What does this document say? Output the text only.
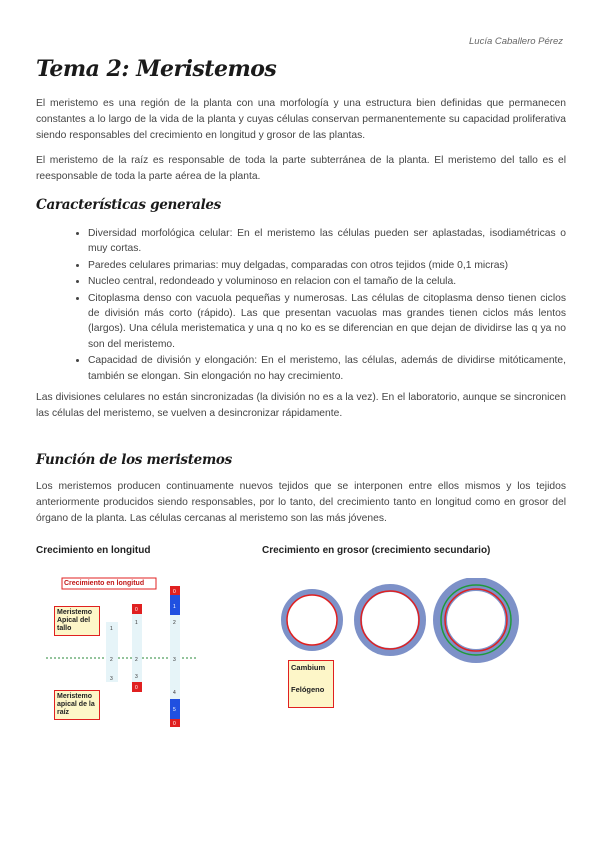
Lucía Caballero Pérez
Tema 2: Meristemos

El meristemo es una región de la planta con una morfología y una estructura bien definidas que permanecen constantes a lo largo de la vida de la planta y cuyas células conservan permanentemente su capacidad proliferativa siendo responsables del crecimiento en longitud y grosor de las plantas.

El meristemo de la raíz es responsable de toda la parte subterránea de la planta. El meristemo del tallo es el reesponsable de toda la parte aérea de la planta.

Características generales
• Diversidad morfológica celular: En el meristemo las células pueden ser aplastadas, isodiamétricas o muy cortas.
• Paredes celulares primarias: muy delgadas, comparadas con otros tejidos (mide 0,1 micras)
• Nucleo central, redondeado y voluminoso en relacion con el tamaño de la celula.
• Citoplasma denso con vacuola pequeñas y numerosas. Las células de citoplasma denso tienen ciclos de división más corto (rápido). Las que presentan vacuolas mas grandes tienen ciclos más lentos (largos). Una célula meristematica y una q no ko es se diferencian en que dejan de dividirse las q ya no son del meristemo.
• Capacidad de división y elongación: En el meristemo, las células, además de dividirse mitóticamente, también se elongan. Sin elongación no hay crecimiento.

Las divisiones celulares no están sincronizadas (la división no es a la vez). En el laboratorio, aunque se sincronicen las células del meristemo, se vuelven a desincronizar rápidamente.

Función de los meristemos

Los meristemos producen continuamente nuevos tejidos que se interponen entre ellos mismos y los tejidos anteriormente producidos siendo responsables, por lo tanto, del crecimiento tanto en longitud como en grosor del órgano de la planta. Las células cercanas al meristemo son las más jóvenes.

Crecimiento en longitud	Crecimiento en grosor (crecimiento secundario)
1
2
3
0
1
2
3
0
0
1
2
3
4
5
0
Crecimiento en longitud
Meristemo Apical del tallo
Meristemo apical de la raíz
Cambium
Felógeno
